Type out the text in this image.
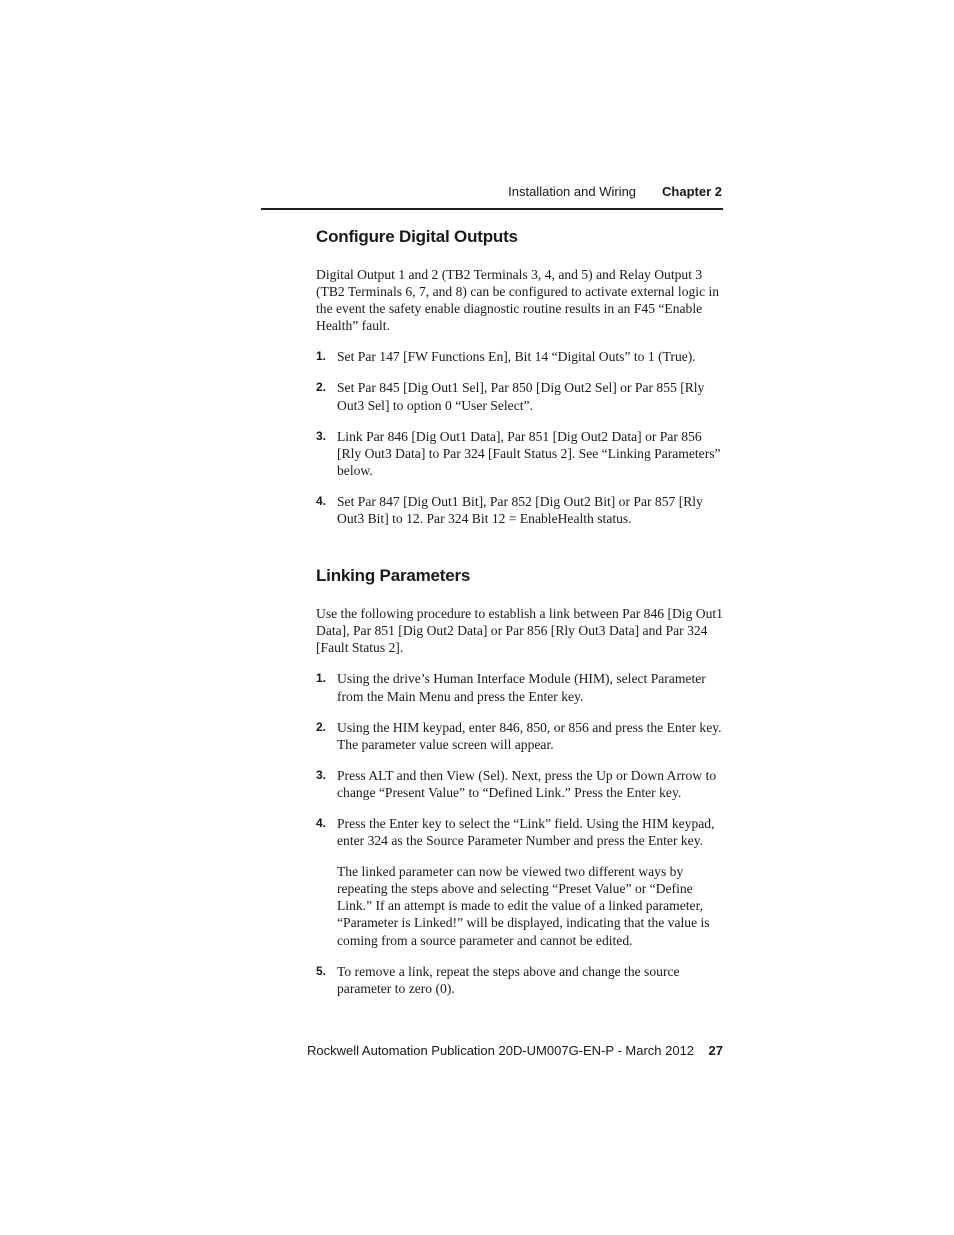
Installation and Wiring Chapter 2
Configure Digital Outputs

Digital Output 1 and 2 (TB2 Terminals 3, 4, and 5) and Relay Output 3 (TB2 Terminals 6, 7, and 8) can be configured to activate external logic in the event the safety enable diagnostic routine results in an F45 “Enable Health” fault.

1. Set Par 147 [FW Functions En], Bit 14 “Digital Outs” to 1 (True).
2. Set Par 845 [Dig Out1 Sel], Par 850 [Dig Out2 Sel] or Par 855 [Rly Out3 Sel] to option 0 “User Select”.
3. Link Par 846 [Dig Out1 Data], Par 851 [Dig Out2 Data] or Par 856 [Rly Out3 Data] to Par 324 [Fault Status 2]. See “Linking Parameters” below.
4. Set Par 847 [Dig Out1 Bit], Par 852 [Dig Out2 Bit] or Par 857 [Rly Out3 Bit] to 12. Par 324 Bit 12 = EnableHealth status.
Linking Parameters

Use the following procedure to establish a link between Par 846 [Dig Out1 Data], Par 851 [Dig Out2 Data] or Par 856 [Rly Out3 Data] and Par 324 [Fault Status 2].

1. Using the drive’s Human Interface Module (HIM), select Parameter from the Main Menu and press the Enter key.
2. Using the HIM keypad, enter 846, 850, or 856 and press the Enter key. The parameter value screen will appear.
3. Press ALT and then View (Sel). Next, press the Up or Down Arrow to change “Present Value” to “Defined Link.” Press the Enter key.
4. Press the Enter key to select the “Link” field. Using the HIM keypad, enter 324 as the Source Parameter Number and press the Enter key.

The linked parameter can now be viewed two different ways by repeating the steps above and selecting “Preset Value” or “Define Link.” If an attempt is made to edit the value of a linked parameter, “Parameter is Linked!” will be displayed, indicating that the value is coming from a source parameter and cannot be edited.

5. To remove a link, repeat the steps above and change the source parameter to zero (0).
Rockwell Automation Publication 20D-UM007G-EN-P - March 2012 27
